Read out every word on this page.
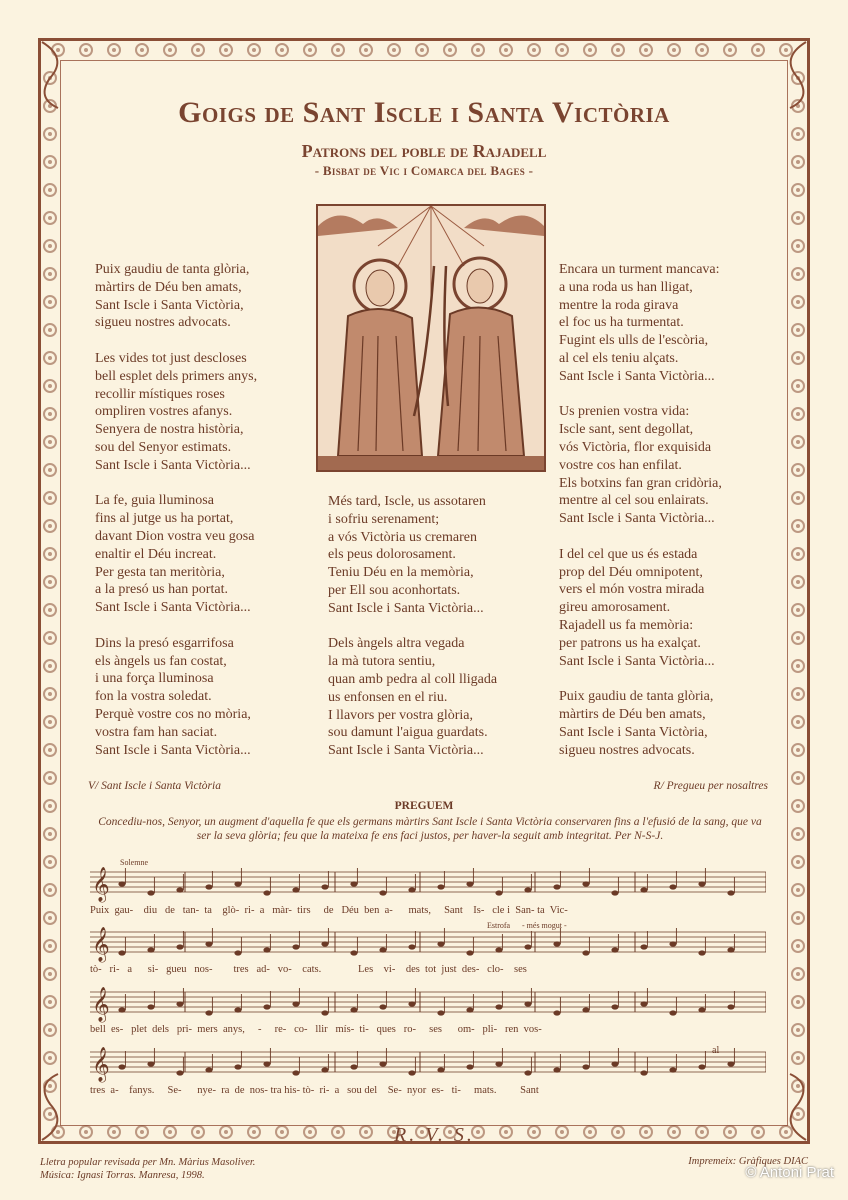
Goigs de Sant Iscle i Santa Victòria
Patrons del poble de Rajadell
- Bisbat de Vic i Comarca del Bages -
Puix gaudiu de tanta glòria,
màrtirs de Déu ben amats,
Sant Iscle i Santa Victòria,
sigueu nostres advocats.
Les vides tot just descloses
bell esplet dels primers anys,
recollir místiques roses
ompliren vostres afanys.
Senyera de nostra història,
sou del Senyor estimats.
Sant Iscle i Santa Victòria...
La fe, guia lluminosa
fins al jutge us ha portat,
davant Dion vostra veu gosa
enaltir el Déu increat.
Per gesta tan meritòria,
a la presó us han portat.
Sant Iscle i Santa Victòria...
Dins la presó esgarrifosa
els àngels us fan costat,
i una força lluminosa
fon la vostra soledat.
Perquè vostre cos no mòria,
vostra fam han saciat.
Sant Iscle i Santa Victòria...
Més tard, Iscle, us assotaren
i sofriu serenament;
a vós Victòria us cremaren
els peus dolorosament.
Teniu Déu en la memòria,
per Ell sou aconhortats.
Sant Iscle i Santa Victòria...
Dels àngels altra vegada
la mà tutora sentiu,
quan amb pedra al coll lligada
us enfonsen en el riu.
I llavors per vostra glòria,
sou damunt l'aigua guardats.
Sant Iscle i Santa Victòria...
Encara un turment mancava:
a una roda us han lligat,
mentre la roda girava
el foc us ha turmentat.
Fugint els ulls de l'escòria,
al cel els teniu alçats.
Sant Iscle i Santa Victòria...
Us prenien vostra vida:
Iscle sant, sent degollat,
vós Victòria, flor exquisida
vostre cos han enfilat.
Els botxins fan gran cridòria,
mentre al cel sou enlairats.
Sant Iscle i Santa Victòria...
I del cel que us és estada
prop del Déu omnipotent,
vers el món vostra mirada
gireu amorosament.
Rajadell us fa memòria:
per patrons us ha exalçat.
Sant Iscle i Santa Victòria...
Puix gaudiu de tanta glòria,
màrtirs de Déu ben amats,
Sant Iscle i Santa Victòria,
sigueu nostres advocats.
V/ Sant Iscle i Santa Victòria	R/ Pregueu per nosaltres
PREGUEM
Concediu-nos, Senyor, un augment d'aquella fe que els germans màrtirs Sant Iscle i Santa Victòria conservaren fins a l'efusió de la sang, que va ser la seva glòria; feu que la mateixa fe ens faci justos, per haver-la seguit amb integritat. Per N-S-J.
Solemne
Estrofa - més mogut -
al
𝄞
𝄞
𝄞
𝄞
Puix  gau-    diu   de   tan-  ta    glò-  ri-  a   màr-  tirs     de   Déu  ben  a-      mats,     Sant    Is-   cle i  San- ta  Vic-
tò-   ri-   a      si-   gueu   nos-        tres   ad-   vo-    cats.              Les    vi-    des  tot  just  des-   clo-    ses
bell  es-   plet  dels   pri-  mers  anys,     -     re-   co-   llir   mís-  ti-   ques   ro-     ses      om-   pli-   ren  vos-
tres  a-    fanys.     Se-      nye-  ra  de  nos- tra his- tò-  ri-  a   sou del    Se-  nyor  es-   ti-     mats.         Sant
R. V. S.
Lletra popular revisada per Mn. Màrius Masoliver.
Música: Ignasi Torras. Manresa, 1998.
Impremeix: Gràfiques DIAC
© Antoni Prat
